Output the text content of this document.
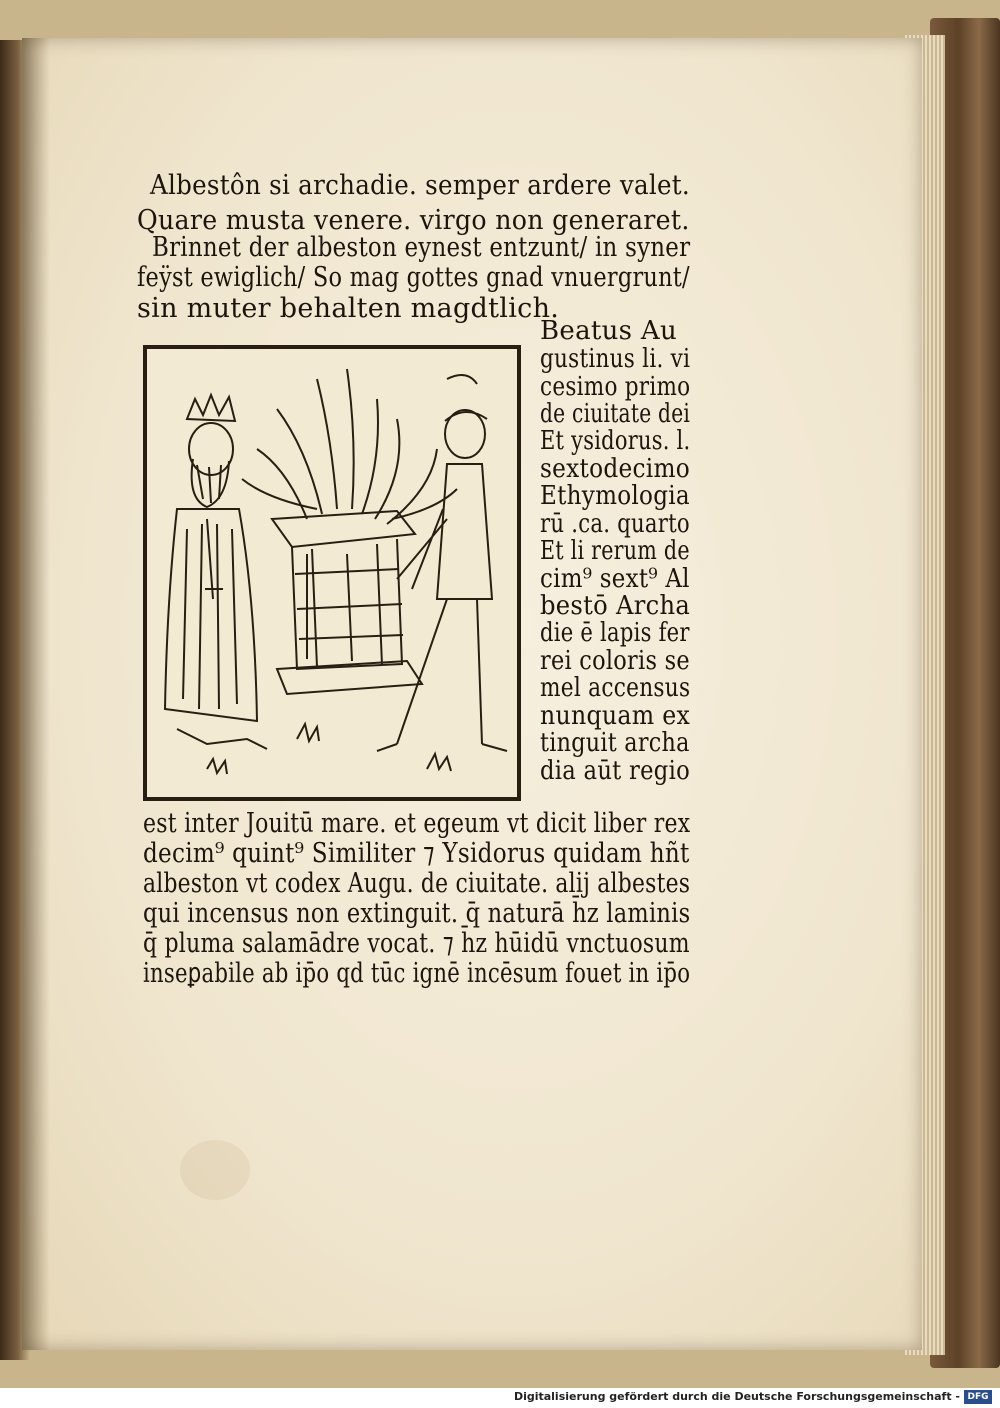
Albestôn si archadie. semper ardere valet.
Quare musta venere. virgo non generaret.
Brinnet der albeston eynest entzunt/ in syner
feÿst ewiglich/ So mag gottes gnad vnuergrunt/
sin muter behalten magdtlich.
Beatus Au
gustinus li. vi
cesimo primo
de ciuitate dei
Et ysidorus. l.
sextodecimo
Ethymologia
rū .ca. quarto
Et li rerum de
cim⁹ sext⁹ Al
bestō Archa
die ē lapis fer
rei coloris se
mel accensus
nunquam ex
tinguit archa
dia aūt regio
est inter Jouitū mare. et egeum vt dicit liber rex
decim⁹ quint⁹ Similiter ⁊ Ysidorus quidam hñt
albeston vt codex Augu. de ciuitate. alij albestes
qui incensus non extinguit. q̄ naturā h̄z laminis
q̄ pluma salamādre vocat. ⁊ h̄z hūidū vnctuosum
inseꝑabile ab ip̄o qd tūc ignē incēsum fouet in ip̄o
Digitalisierung gefördert durch die Deutsche Forschungsgemeinschaft - DFG
